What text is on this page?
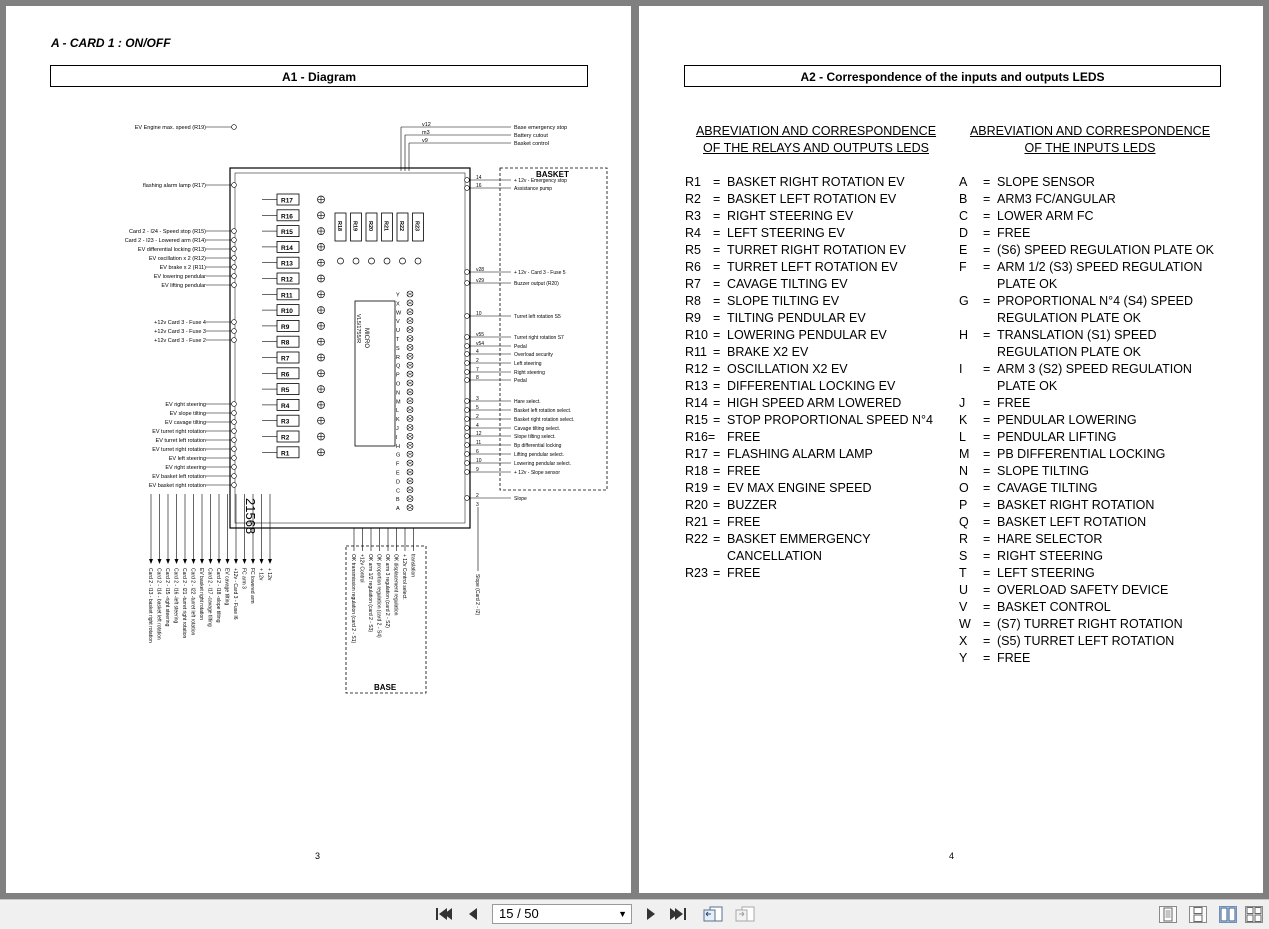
A - CARD 1 : ON/OFF
A1 - Diagram
21568
BASKET
BASE
R17
R16
R15
R14
R13
R12
R11
R10
R9
R8
R7
R6
R5
R4
R3
R2
R1
R18 R19 R20 R21 R22 R23
MICRO
VL5/1755/R
Y
X
W
V
U
T
S
R
Q
P
O
N
M
L
K
J
I
H
G
F
E
D
C
B
A
EV Engine max. speed (R19)
flashing alarm lamp (R17)
Card 2 - I24 - Speed stop (R15)
Card 2 - I23 - Lowered arm (R14)
EV differential locking (R13)
EV oscillation x 2 (R12)
EV brake x 2 (R11)
EV lowering pendular
EV lifting pendular
+12v Card 3 - Fuse 4
+12v Card 3 - Fuse 3
+12v Card 3 - Fuse 2
EV right steering
EV slope tilting
EV cavage tilting
EV turret right rotation
EV turret left rotation
EV turret right rotation
EV left steering
EV right steering
EV basket left rotation
EV basket right rotation
Base emergency stop
v12
Battery cutout
m3
Basket control
v9
+ 12v - Emergency stop
Assistance pump
+ 12v - Card 3 - Fuse 5
Buzzer output (R20)
Turret left rotation S5
Turret right rotation S7
Pedal
Overload security
Left steering
Right steering
Pedal
Hare select.
Basket left rotation select.
Basket right rotation select.
Cavage tilting select.
Slope tilting select.
Bp differential locking
Lifting pendular select.
Lowering pendular select.
+ 12v - Slope sensor
Slope
14
16
v28
v29
10
v55
v54
4
2
7
8
3
5
2
4
12
11
6
10
9
2
3
Card 2 - I13 - basket right rotation Card 2 - I14 - basket left rotation Card 2 - I15 -right steering Card 2 - I16 -left steering Card 2 - I21 -turret right rotation Card 2 - I22 -turret left rotation EV basket right rotation Card 2 - I17 -cavage tilting Card 2 - I18 -slope tilting EV cavage tilting +12v - Card 3 - Fuse I6 FC arm 3 FC lowered arm + 12v + 12v	OK transmission regulation (card 2 - S1) +12v Control OK arm 1/2 regulation (card 2 - S3) OK proportion regulation (card 2 - S4) OK arm 3 regulation (card 2 - S2) OK displacement regulation + 12v Control select. translation
Slope (Card 2 - I2)
3
A2 - Correspondence of the inputs and outputs LEDS
ABREVIATION AND CORRESPONDENCE
OF THE RELAYS AND OUTPUTS LEDS
ABREVIATION AND CORRESPONDENCE
OF THE INPUTS LEDS
R1 = BASKET RIGHT ROTATION EV
R2 = BASKET LEFT ROTATION EV
R3 = RIGHT STEERING EV
R4 = LEFT STEERING EV
R5 = TURRET RIGHT ROTATION EV
R6 = TURRET LEFT ROTATION EV
R7 = CAVAGE TILTING EV
R8 = SLOPE TILTING EV
R9 = TILTING PENDULAR EV
R10 = LOWERING PENDULAR EV
R11 = BRAKE X2 EV
R12 = OSCILLATION X2 EV
R13 = DIFFERENTIAL LOCKING EV
R14 = HIGH SPEED ARM LOWERED
R15 = STOP PROPORTIONAL SPEED N°4
R16= FREE
R17 = FLASHING ALARM LAMP
R18 = FREE
R19 = EV MAX ENGINE SPEED
R20 = BUZZER
R21 = FREE
R22 = BASKET EMMERGENCY CANCELLATION
R23 = FREE
A	= SLOPE SENSOR
B	= ARM3 FC/ANGULAR
C	= LOWER ARM FC
D	= FREE
E	= (S6) SPEED REGULATION PLATE OK
F	= ARM 1/2 (S3) SPEED REGULATION PLATE OK
G	= PROPORTIONAL N°4 (S4) SPEED REGULATION PLATE OK
H	= TRANSLATION (S1) SPEED REGULATION PLATE OK
I	= ARM 3 (S2) SPEED REGULATION PLATE OK
J	= FREE
K	= PENDULAR LOWERING
L	= PENDULAR LIFTING
M	= PB DIFFERENTIAL LOCKING
N	= SLOPE TILTING
O	= CAVAGE TILTING
P	= BASKET RIGHT ROTATION
Q	= BASKET LEFT ROTATION
R	= HARE SELECTOR
S	= RIGHT STEERING
T	= LEFT STEERING
U	= OVERLOAD SAFETY DEVICE
V	= BASKET CONTROL
W = (S7) TURRET RIGHT ROTATION
X	= (S5) TURRET LEFT ROTATION
Y	= FREE
4
15 / 50	▼
